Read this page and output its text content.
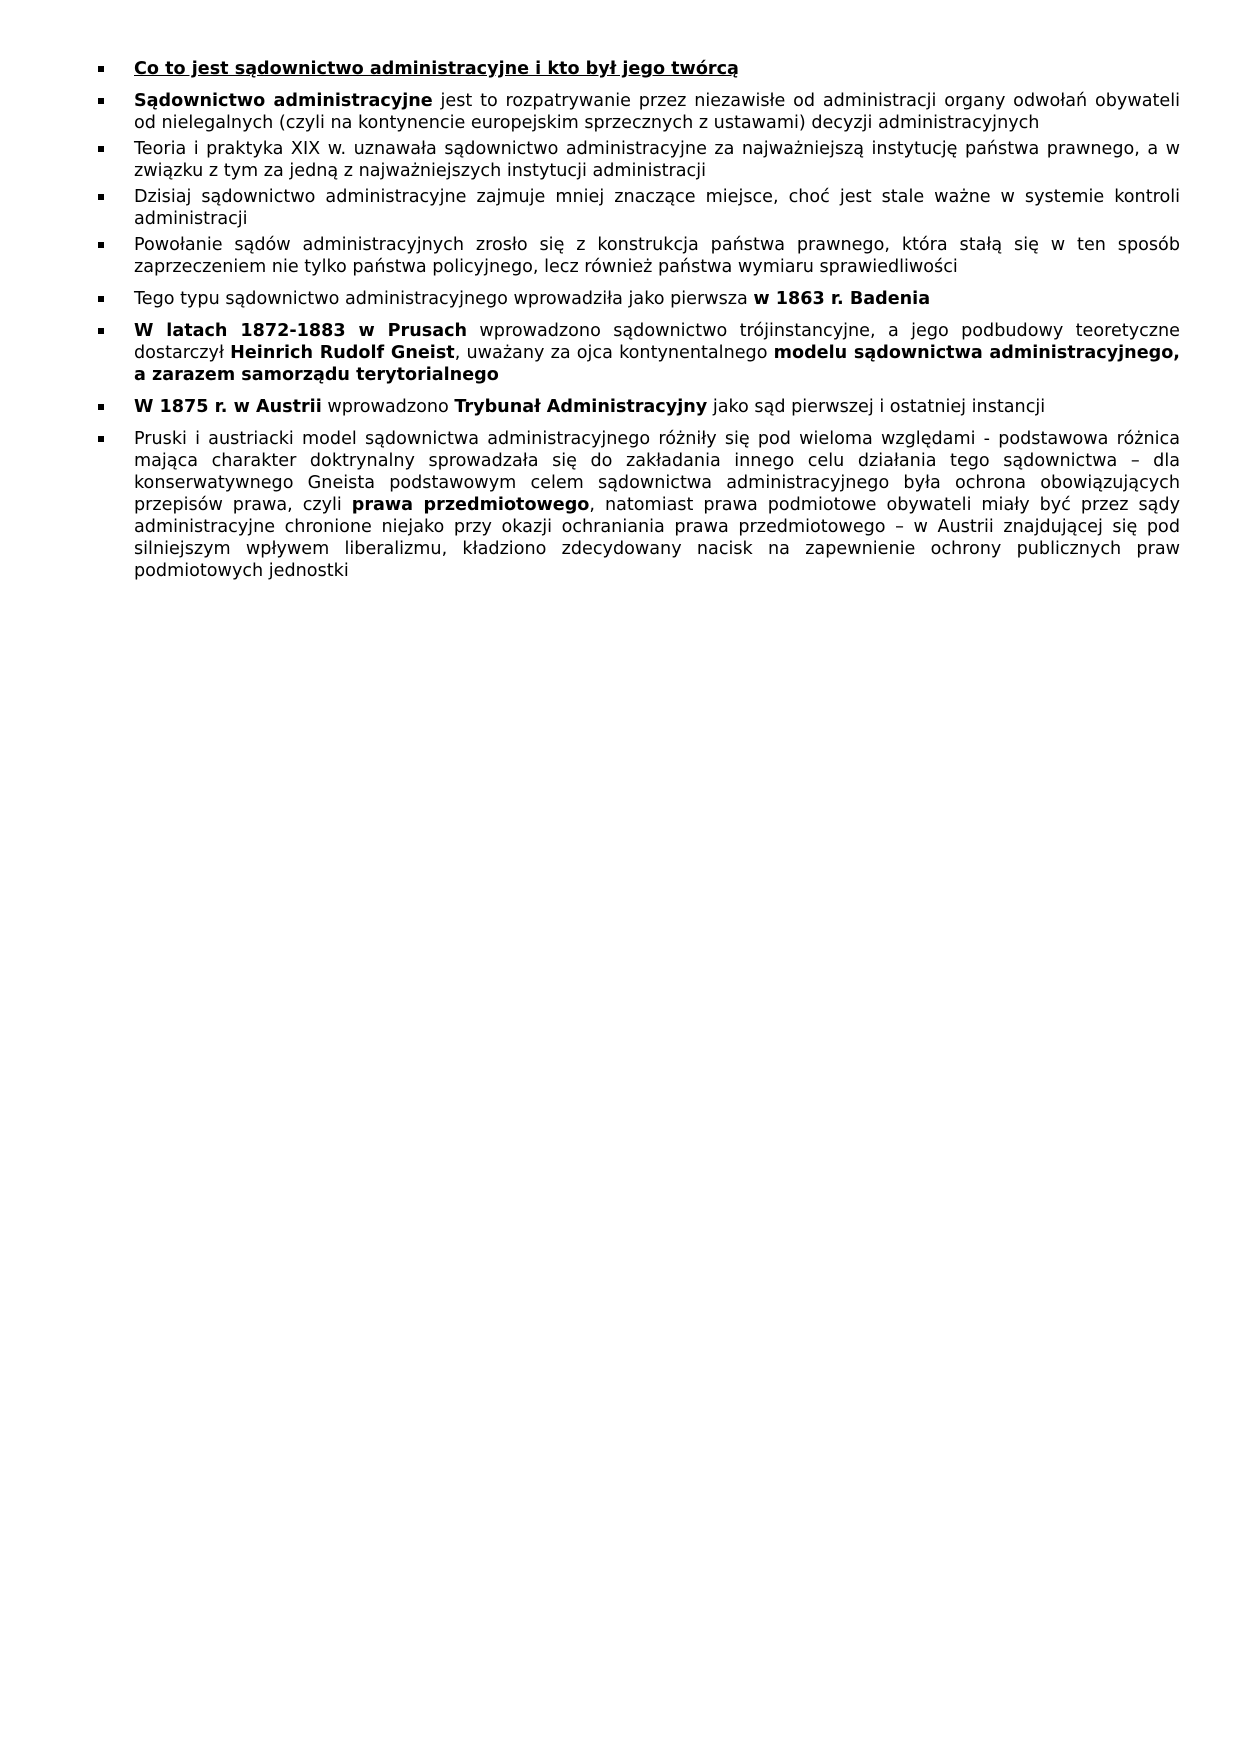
Co to jest sądownictwo administracyjne i kto był jego twórcą
Sądownictwo administracyjne jest to rozpatrywanie przez niezawisłe od administracji organy odwołań obywateli od nielegalnych (czyli na kontynencie europejskim sprzecznych z ustawami) decyzji administracyjnych
Teoria i praktyka XIX w. uznawała sądownictwo administracyjne za najważniejszą instytucję państwa prawnego, a w związku z tym za jedną z najważniejszych instytucji administracji
Dzisiaj sądownictwo administracyjne zajmuje mniej znaczące miejsce, choć jest stale ważne w systemie kontroli administracji
Powołanie sądów administracyjnych zrosło się z konstrukcja państwa prawnego, która stałą się w ten sposób zaprzeczeniem nie tylko państwa policyjnego, lecz również państwa wymiaru sprawiedliwości
Tego typu sądownictwo administracyjnego wprowadziła jako pierwsza w 1863 r. Badenia
W latach 1872-1883 w Prusach wprowadzono sądownictwo trójinstancyjne, a jego podbudowy teoretyczne dostarczył Heinrich Rudolf Gneist, uważany za ojca kontynentalnego modelu sądownictwa administracyjnego, a zarazem samorządu terytorialnego
W 1875 r. w Austrii wprowadzono Trybunał Administracyjny jako sąd pierwszej i ostatniej instancji
Pruski i austriacki model sądownictwa administracyjnego różniły się pod wieloma względami - podstawowa różnica mająca charakter doktrynalny sprowadzała się do zakładania innego celu działania tego sądownictwa – dla konserwatywnego Gneista podstawowym celem sądownictwa administracyjnego była ochrona obowiązujących przepisów prawa, czyli prawa przedmiotowego, natomiast prawa podmiotowe obywateli miały być przez sądy administracyjne chronione niejako przy okazji ochraniania prawa przedmiotowego – w Austrii znajdującej się pod silniejszym wpływem liberalizmu, kładziono zdecydowany nacisk na zapewnienie ochrony publicznych praw podmiotowych jednostki
